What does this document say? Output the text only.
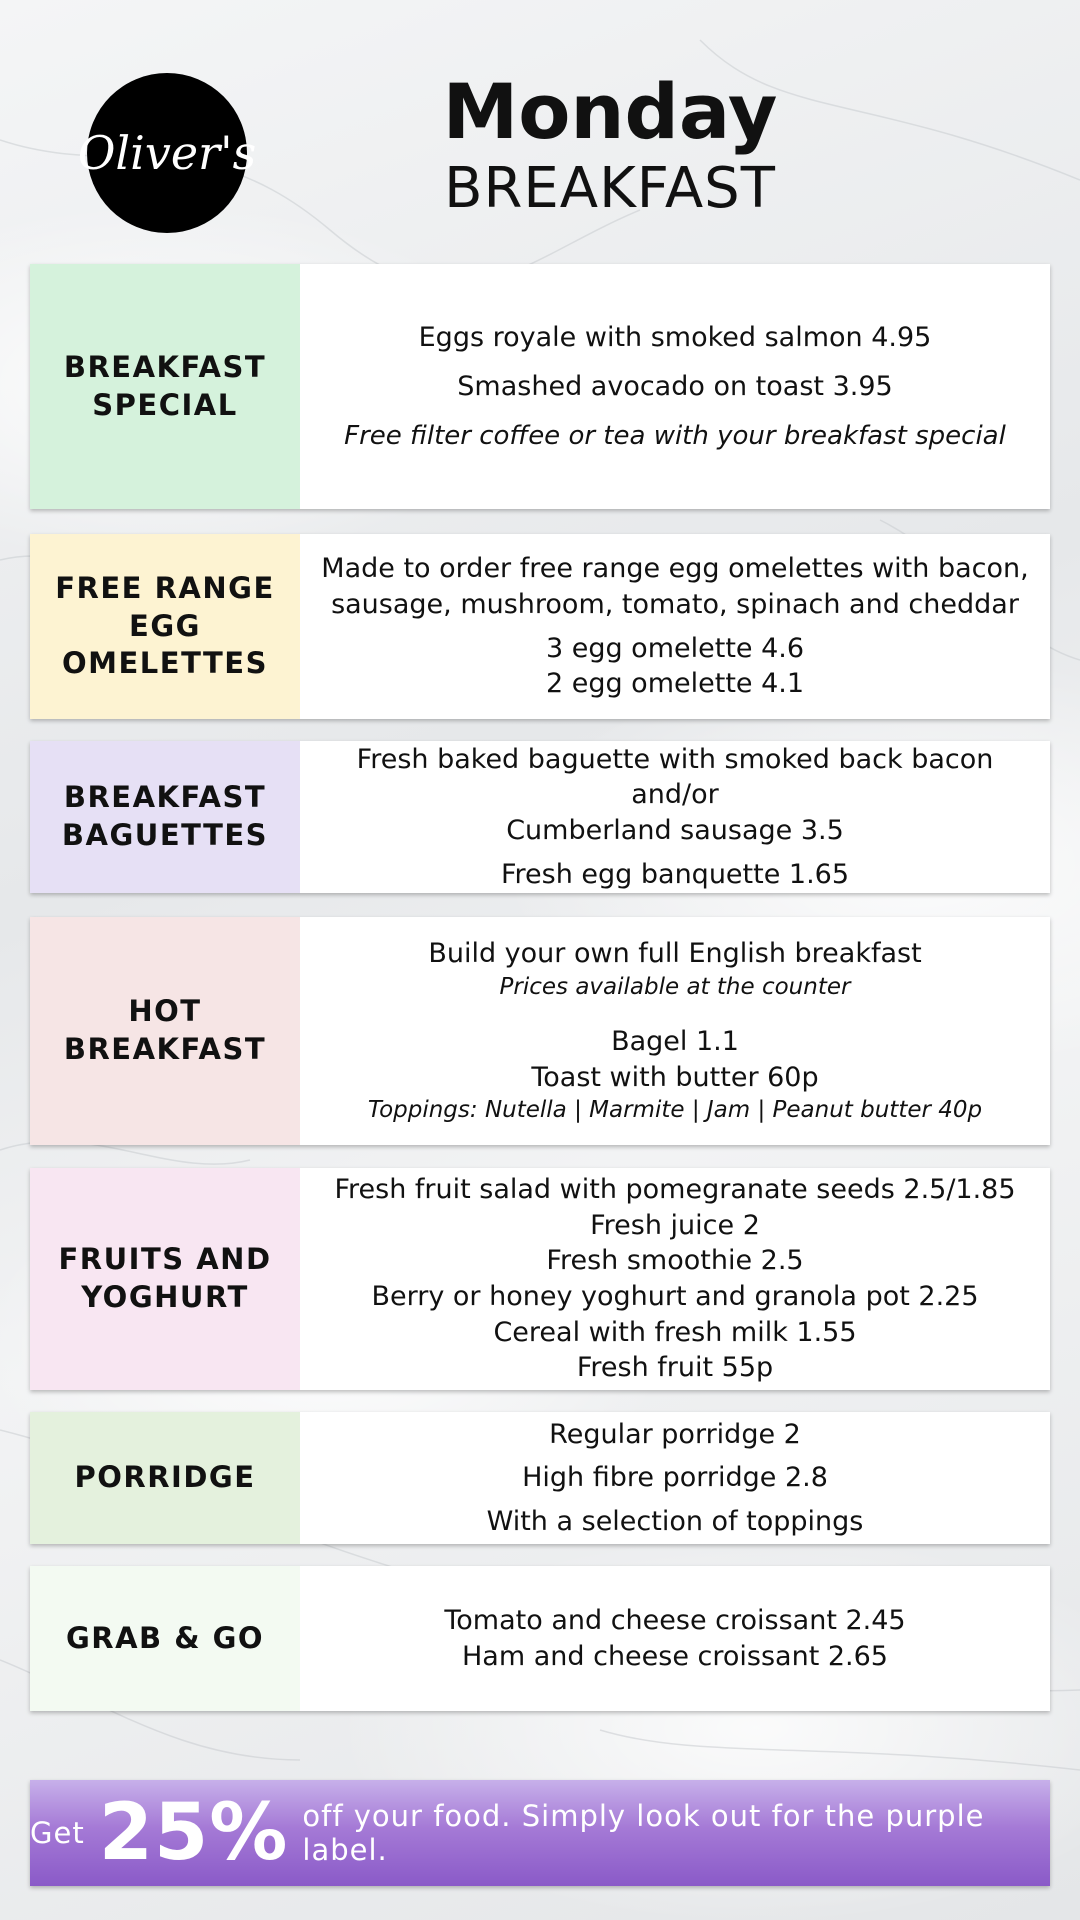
Oliver's	Monday
BREAKFAST
BREAKFAST
SPECIAL
Eggs royale with smoked salmon 4.95
Smashed avocado on toast 3.95
Free filter coffee or tea with your breakfast special
FREE RANGE
EGG
OMELETTES
Made to order free range egg omelettes with bacon,
sausage, mushroom, tomato, spinach and cheddar
3 egg omelette 4.6
2 egg omelette 4.1
BREAKFAST
BAGUETTES
Fresh baked baguette with smoked back bacon and/or
Cumberland sausage 3.5
Fresh egg banquette 1.65
HOT
BREAKFAST
Build your own full English breakfast
Prices available at the counter
Bagel 1.1
Toast with butter 60p
Toppings: Nutella | Marmite | Jam | Peanut butter 40p
FRUITS AND
YOGHURT
Fresh fruit salad with pomegranate seeds 2.5/1.85
Fresh juice 2
Fresh smoothie 2.5
Berry or honey yoghurt and granola pot 2.25
Cereal with fresh milk 1.55
Fresh fruit 55p
PORRIDGE
Regular porridge 2
High fibre porridge 2.8
With a selection of toppings
GRAB & GO
Tomato and cheese croissant 2.45
Ham and cheese croissant 2.65
Get 25% off your food. Simply look out for the purple label.
